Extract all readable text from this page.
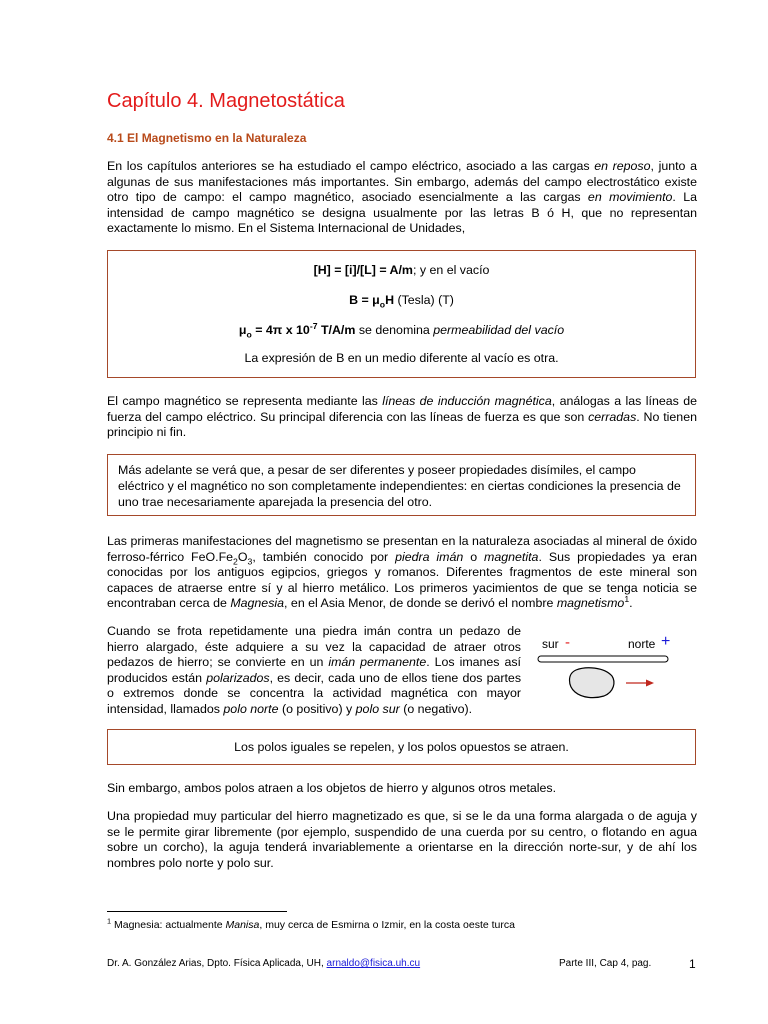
Capítulo 4. Magnetostática
4.1 El Magnetismo en la Naturaleza
En los capítulos anteriores se ha estudiado el campo eléctrico, asociado a las cargas en reposo, junto a algunas de sus manifestaciones más importantes. Sin embargo, además del campo electrostático existe otro tipo de campo: el campo magnético, asociado esencialmente a las cargas en movimiento. La intensidad de campo magnético se designa usualmente por las letras B ó H, que no representan exactamente lo mismo. En el Sistema Internacional de Unidades,
[H] = [i]/[L] = A/m; y en el vacío
$B = \mu_oH$ (Tesla) (T)
$\mu_o = 4\pi$ x $10^{-7}$ T/A/m se denomina permeabilidad del vacío
La expresión de B en un medio diferente al vacío es otra.
El campo magnético se representa mediante las líneas de inducción magnética, análogas a las líneas de fuerza del campo eléctrico. Su principal diferencia con las líneas de fuerza es que son cerradas. No tienen principio ni fin.
Más adelante se verá que, a pesar de ser diferentes y poseer propiedades disímiles, el campo eléctrico y el magnético no son completamente independientes: en ciertas condiciones la presencia de uno trae necesariamente aparejada la presencia del otro.
Las primeras manifestaciones del magnetismo se presentan en la naturaleza asociadas al mineral de óxido ferroso-férrico $FeO.Fe_2O_3$, también conocido por piedra imán o magnetita. Sus propiedades ya eran conocidas por los antiguos egipcios, griegos y romanos. Diferentes fragmentos de este mineral son capaces de atraerse entre sí y al hierro metálico. Los primeros yacimientos de que se tenga noticia se encontraban cerca de Magnesia, en el Asia Menor, de donde se derivó el nombre magnetismo$^1$.
Cuando se frota repetidamente una piedra imán contra un pedazo de hierro alargado, éste adquiere a su vez la capacidad de atraer otros pedazos de hierro; se convierte en un imán permanente. Los imanes así producidos están polarizados, es decir, cada uno de ellos tiene dos partes o extremos donde se concentra la actividad magnética con mayor intensidad, llamados polo norte (o positivo) y polo sur (o negativo).
sur -	norte +
Los polos iguales se repelen, y los polos opuestos se atraen.
Sin embargo, ambos polos atraen a los objetos de hierro y algunos otros metales.
Una propiedad muy particular del hierro magnetizado es que, si se le da una forma alargada o de aguja y se le permite girar libremente (por ejemplo, suspendido de una cuerda por su centro, o flotando en agua sobre un corcho), la aguja tenderá invariablemente a orientarse en la dirección norte-sur, y de ahí los nombres polo norte y polo sur.
$^1$ Magnesia: actualmente Manisa, muy cerca de Esmirna o Izmir, en la costa oeste turca
Dr. A. González Arias, Dpto. Física Aplicada, UH, arnaldo@fisica.uh.cu	Parte III, Cap 4, pag.	1
